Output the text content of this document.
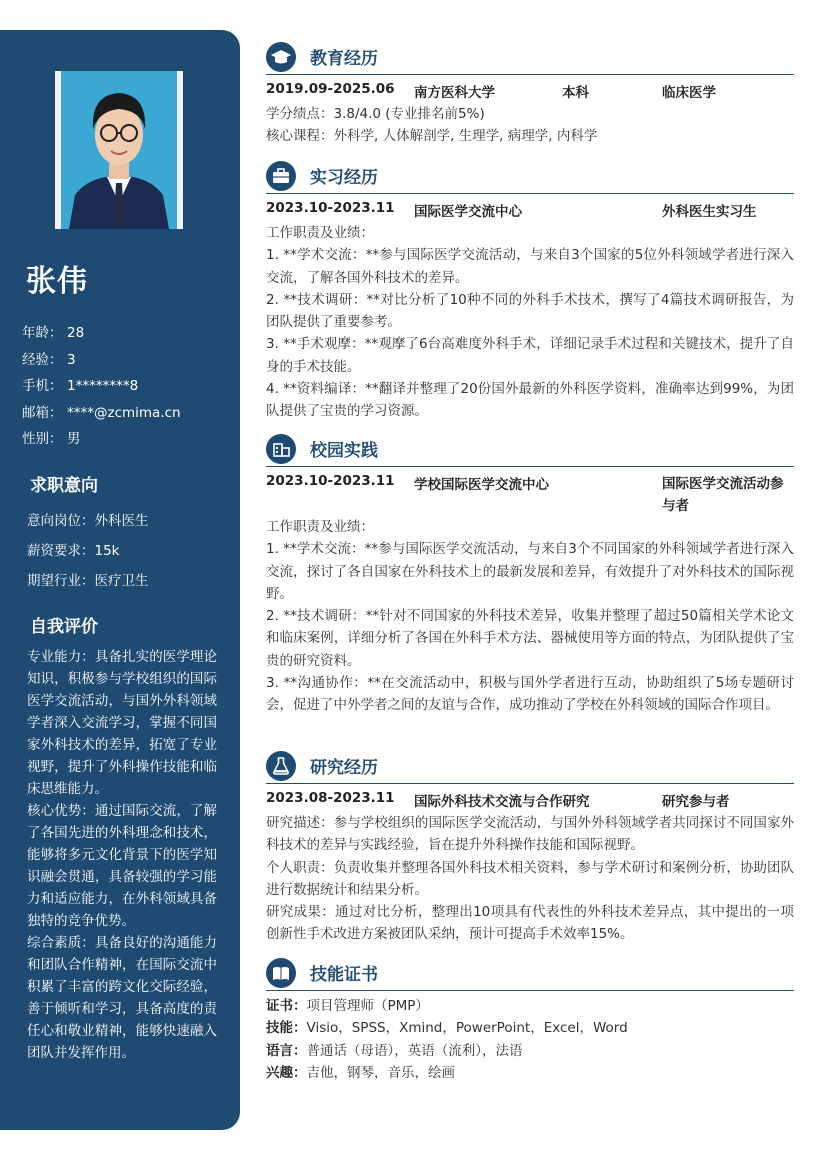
张伟
年龄： 28
经验： 3
手机： 1********8
邮箱： ****@zcmima.cn
性别： 男
求职意向
意向岗位：外科医生
薪资要求：15k
期望行业：医疗卫生
自我评价

专业能力：具备扎实的医学理论知识，积极参与学校组织的国际医学交流活动，与国外外科领域学者深入交流学习，掌握不同国家外科技术的差异，拓宽了专业视野，提升了外科操作技能和临床思维能力。

核心优势：通过国际交流，了解了各国先进的外科理念和技术，能够将多元文化背景下的医学知识融会贯通，具备较强的学习能力和适应能力，在外科领域具备独特的竞争优势。

综合素质：具备良好的沟通能力和团队合作精神，在国际交流中积累了丰富的跨文化交际经验，善于倾听和学习，具备高度的责任心和敬业精神，能够快速融入团队并发挥作用。

教育经历
2019.09-2025.06 南方医科大学	本科	临床医学

学分绩点：3.8/4.0 (专业排名前5%)

核心课程：外科学, 人体解剖学, 生理学, 病理学, 内科学

实习经历
2023.10-2023.11 国际医学交流中心	外科医生实习生

工作职责及业绩：

1. **学术交流：**参与国际医学交流活动，与来自3个国家的5位外科领域学者进行深入交流，了解各国外科技术的差异。

2. **技术调研：**对比分析了10种不同的外科手术技术，撰写了4篇技术调研报告，为团队提供了重要参考。

3. **手术观摩：**观摩了6台高难度外科手术，详细记录手术过程和关键技术，提升了自身的手术技能。

4. **资料编译：**翻译并整理了20份国外最新的外科医学资料，准确率达到99%，为团队提供了宝贵的学习资源。

校园实践
2023.10-2023.11 学校国际医学交流中心	国际医学交流活动参与者

工作职责及业绩：

1. **学术交流：**参与国际医学交流活动，与来自3个不同国家的外科领域学者进行深入交流，探讨了各自国家在外科技术上的最新发展和差异，有效提升了对外科技术的国际视野。

2. **技术调研：**针对不同国家的外科技术差异，收集并整理了超过50篇相关学术论文和临床案例，详细分析了各国在外科手术方法、器械使用等方面的特点，为团队提供了宝贵的研究资料。

3. **沟通协作：**在交流活动中，积极与国外学者进行互动，协助组织了5场专题研讨会，促进了中外学者之间的友谊与合作，成功推动了学校在外科领域的国际合作项目。

研究经历
2023.08-2023.11 国际外科技术交流与合作研究	研究参与者

研究描述：参与学校组织的国际医学交流活动，与国外外科领域学者共同探讨不同国家外科技术的差异与实践经验，旨在提升外科操作技能和国际视野。

个人职责：负责收集并整理各国外科技术相关资料，参与学术研讨和案例分析，协助团队进行数据统计和结果分析。

研究成果：通过对比分析，整理出10项具有代表性的外科技术差异点，其中提出的一项创新性手术改进方案被团队采纳，预计可提高手术效率15%。

技能证书
证书：项目管理师（PMP）
技能：Visio，SPSS，Xmind，PowerPoint，Excel，Word
语言：普通话（母语），英语（流利），法语
兴趣：吉他，钢琴，音乐，绘画
